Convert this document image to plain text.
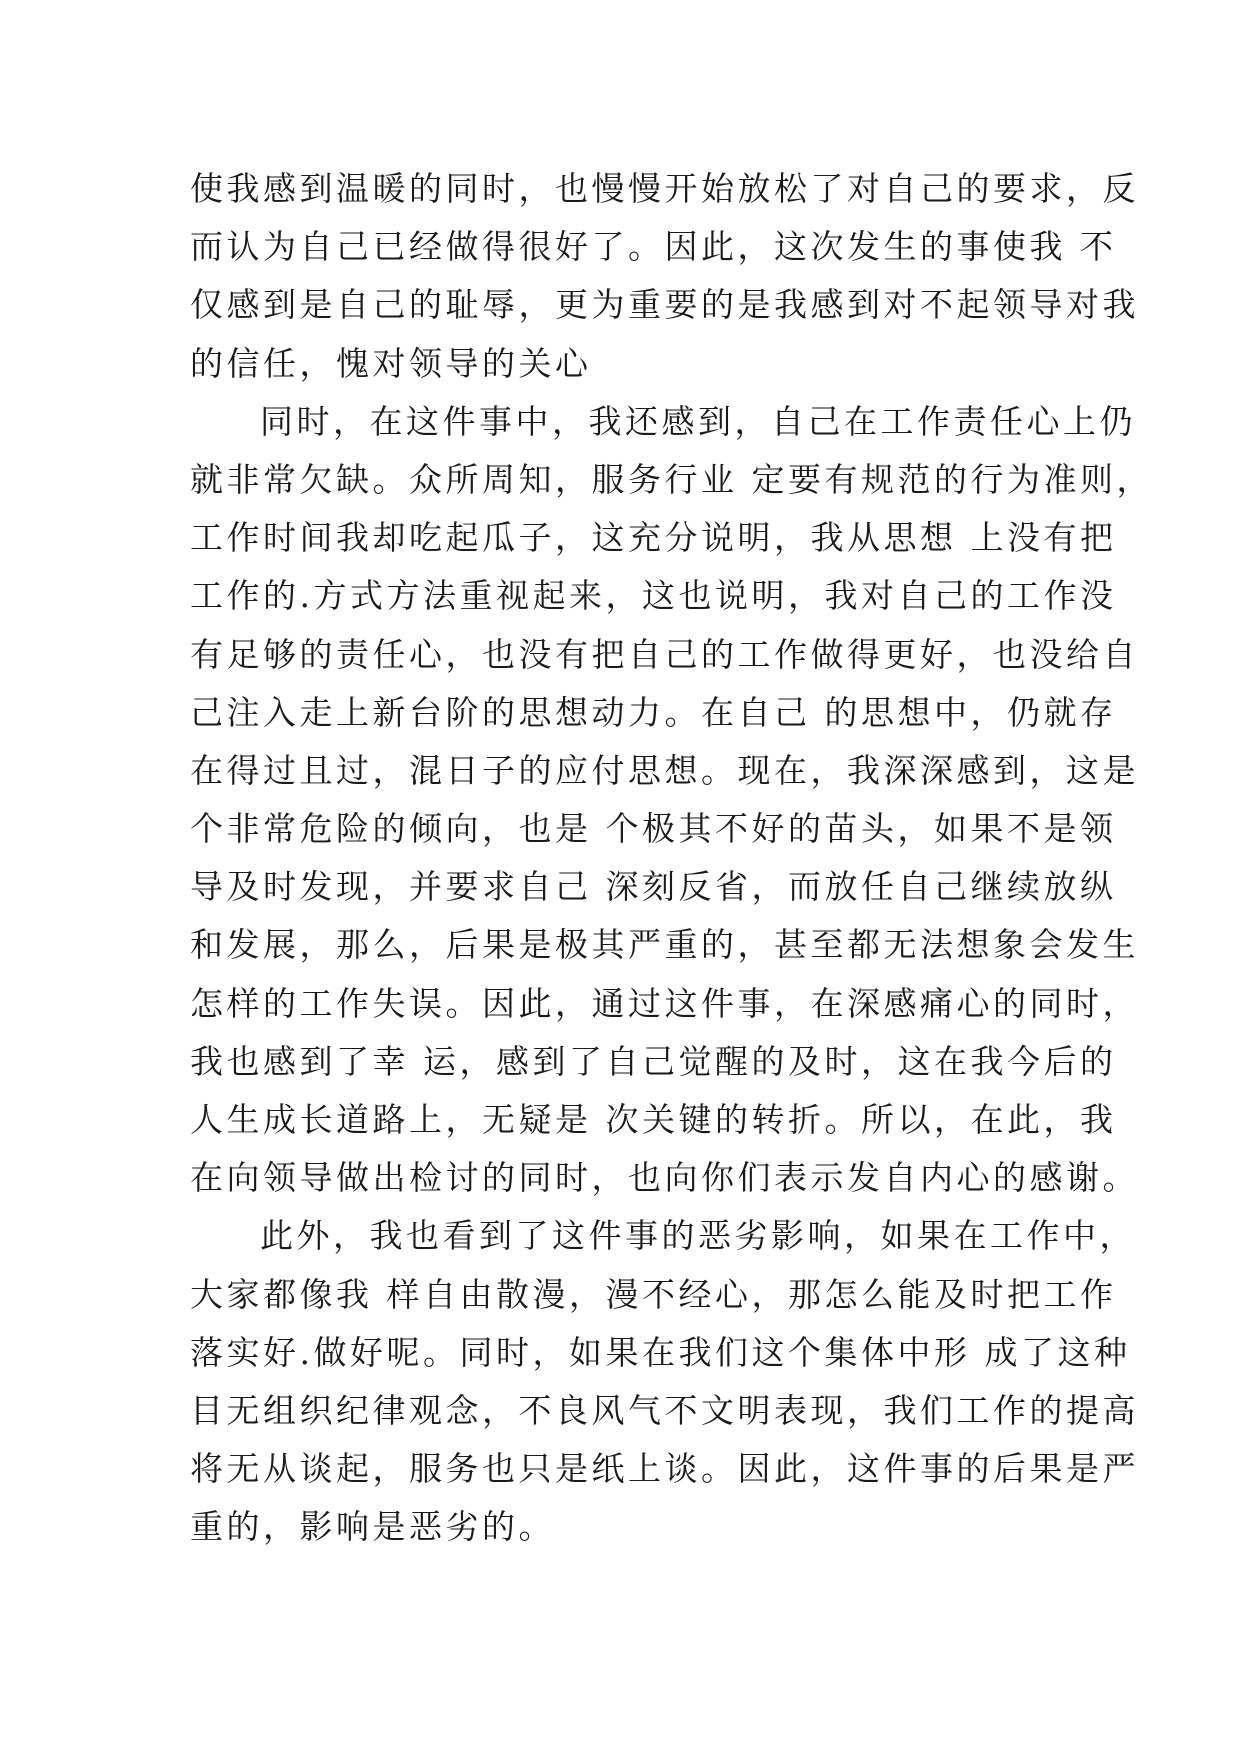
使我感到温暖的同时，也慢慢开始放松了对自己的要求，反
而认为自己已经做得很好了。因此，这次发生的事使我 不
仅感到是自己的耻辱，更为重要的是我感到对不起领导对我
的信任，愧对领导的关心
同时，在这件事中，我还感到，自己在工作责任心上仍
就非常欠缺。众所周知，服务行业 定要有规范的行为准则，
工作时间我却吃起瓜子，这充分说明，我从思想 上没有把
工作的.方式方法重视起来，这也说明，我对自己的工作没
有足够的责任心，也没有把自己的工作做得更好，也没给自
己注入走上新台阶的思想动力。在自己 的思想中，仍就存
在得过且过，混日子的应付思想。现在，我深深感到，这是
个非常危险的倾向，也是 个极其不好的苗头，如果不是领
导及时发现，并要求自己 深刻反省，而放任自己继续放纵
和发展，那么，后果是极其严重的，甚至都无法想象会发生
怎样的工作失误。因此，通过这件事，在深感痛心的同时，
我也感到了幸 运，感到了自己觉醒的及时，这在我今后的
人生成长道路上，无疑是 次关键的转折。所以，在此，我
在向领导做出检讨的同时，也向你们表示发自内心的感谢。
此外，我也看到了这件事的恶劣影响，如果在工作中，
大家都像我 样自由散漫，漫不经心，那怎么能及时把工作
落实好.做好呢。同时，如果在我们这个集体中形 成了这种
目无组织纪律观念，不良风气不文明表现，我们工作的提高
将无从谈起，服务也只是纸上谈。因此，这件事的后果是严
重的，影响是恶劣的。
